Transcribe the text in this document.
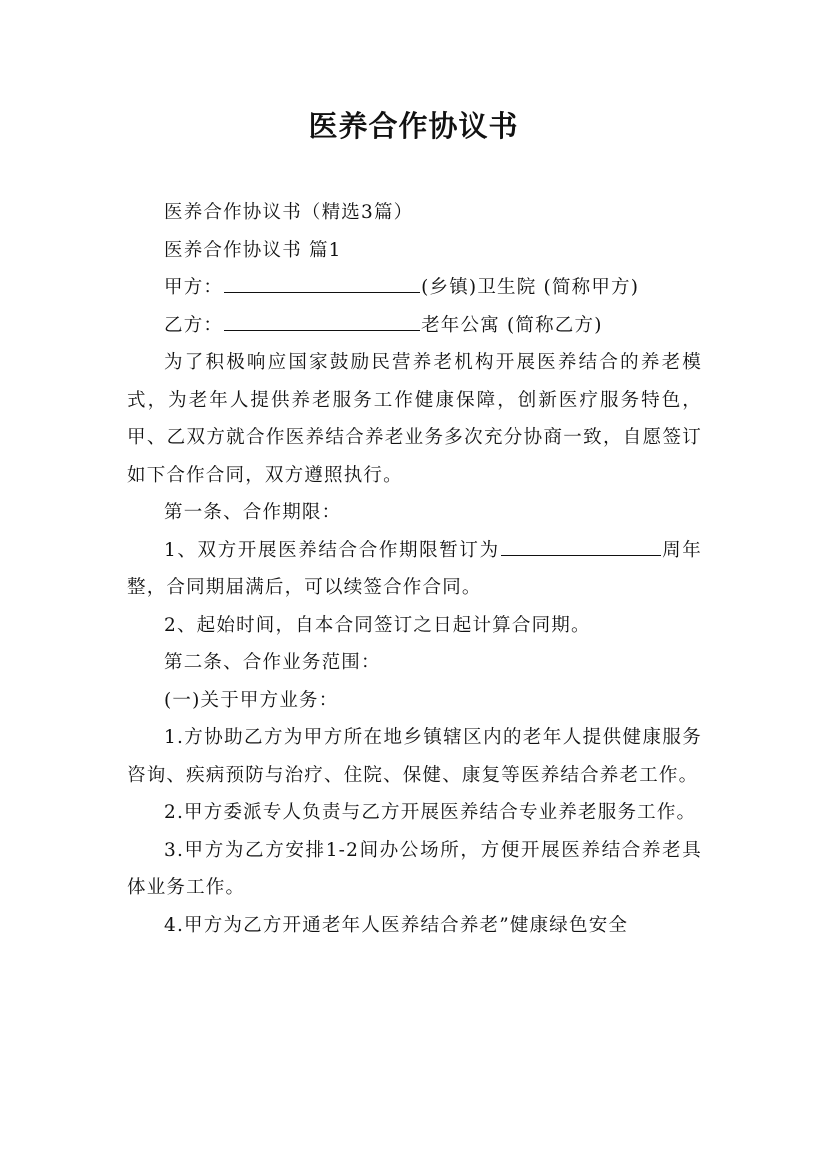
医养合作协议书

医养合作协议书（精选3篇）

医养合作协议书 篇1

甲方：	(乡镇)卫生院 (简称甲方)

乙方：	老年公寓 (简称乙方)

为了积极响应国家鼓励民营养老机构开展医养结合的养老模式，为老年人提供养老服务工作健康保障，创新医疗服务特色，甲、乙双方就合作医养结合养老业务多次充分协商一致，自愿签订如下合作合同，双方遵照执行。

第一条、合作期限：

1、双方开展医养结合合作期限暂订为	周年整，合同期届满后，可以续签合作合同。

2、起始时间，自本合同签订之日起计算合同期。

第二条、合作业务范围：

(一)关于甲方业务：

1.方协助乙方为甲方所在地乡镇辖区内的老年人提供健康服务咨询、疾病预防与治疗、住院、保健、康复等医养结合养老工作。

2.甲方委派专人负责与乙方开展医养结合专业养老服务工作。

3.甲方为乙方安排1-2间办公场所，方便开展医养结合养老具体业务工作。

4.甲方为乙方开通老年人医养结合养老”健康绿色安全
